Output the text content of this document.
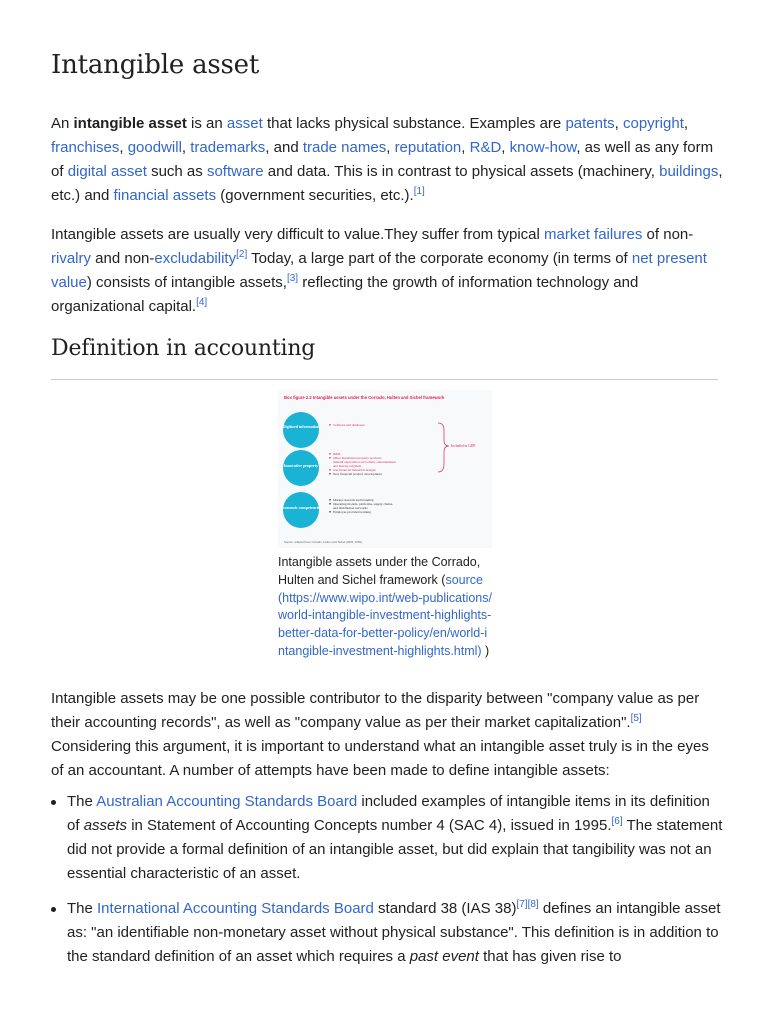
Intangible asset

An intangible asset is an asset that lacks physical substance. Examples are patents, copyright, franchises, goodwill, trademarks, and trade names, reputation, R&D, know-how, as well as any form of digital asset such as software and data. This is in contrast to physical assets (machinery, buildings, etc.) and financial assets (government securities, etc.).[1]

Intangible assets are usually very difficult to value.They suffer from typical market failures of non-rivalry and non-excludability[2] Today, a large part of the corporate economy (in terms of net present value) consists of intangible assets,[3] reflecting the growth of information technology and organizational capital.[4]

Definition in accounting
Box figure 2.2 Intangible assets under the Corrado, Hulten and Sichel framework
Digitized information
Innovative property
Economic competencies
Software and databases
R&D
Other intellectual property products
mineral exploration and artistic, entertainment
and literary originals
non-financial industrial designs
New financial product development
Market research and branding
Operating models, platforms, supply chains,
and distribution networks
Employer-provided training
Included in GDP
Source: adapted from Corrado, Hulten and Sichel (2005, 2009).
Intangible assets under the Corrado, Hulten and Sichel framework (source (https://www.wipo.int/web-publications/world-intangible-investment-highlights-better-data-for-better-policy/en/world-intangible-investment-highlights.html) )

Intangible assets may be one possible contributor to the disparity between "company value as per their accounting records", as well as "company value as per their market capitalization".[5] Considering this argument, it is important to understand what an intangible asset truly is in the eyes of an accountant. A number of attempts have been made to define intangible assets:

The Australian Accounting Standards Board included examples of intangible items in its definition of assets in Statement of Accounting Concepts number 4 (SAC 4), issued in 1995.[6] The statement did not provide a formal definition of an intangible asset, but did explain that tangibility was not an essential characteristic of an asset.
The International Accounting Standards Board standard 38 (IAS 38)[7][8] defines an intangible asset as: "an identifiable non-monetary asset without physical substance". This definition is in addition to the standard definition of an asset which requires a past event that has given rise to
